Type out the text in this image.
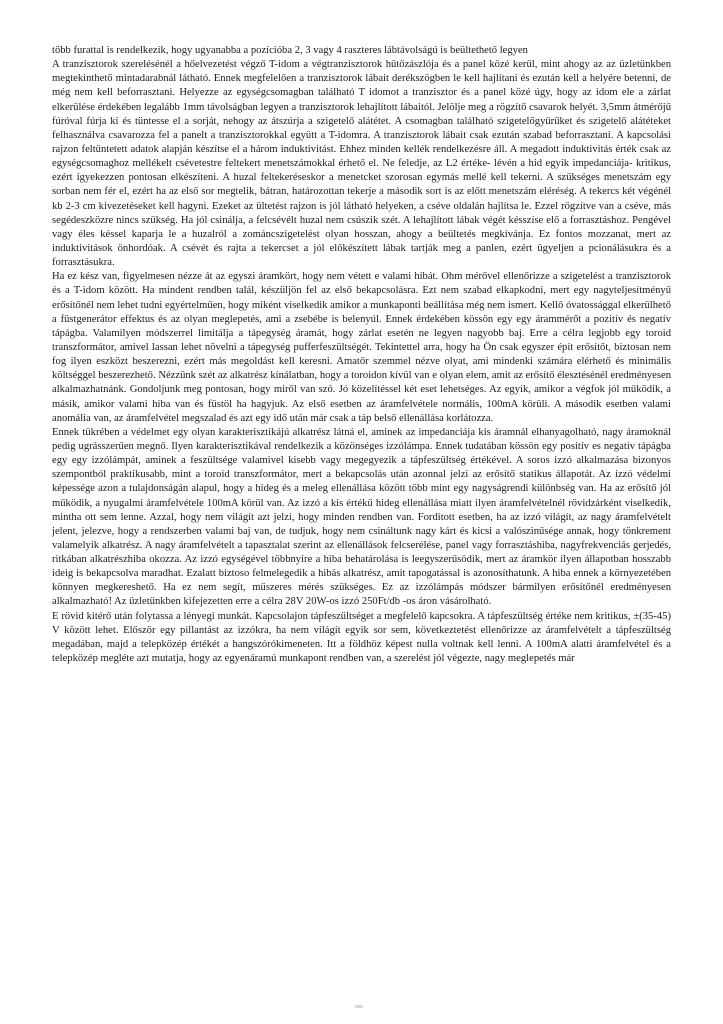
több furattal is rendelkezik, hogy ugyanabba a pozícióba 2, 3 vagy 4 raszteres lábtávolságú is beültethető legyen

A tranzisztorok szerelésénél a hőelvezetést végző T-idom a végtranzisztorok hűtőzászlója és a panel közé kerül, mint ahogy az az üzletünkben megtekinthető mintadarabnál látható. Ennek megfelelően a tranzisztorok lábait derékszögben le kell hajlítani és ezután kell a helyére betenni, de még nem kell beforrasztani. Helyezze az egységcsomagban található T idomot a tranzisztor és a panel közé úgy, hogy az idom ele a zárlat elkerülése érdekében legalább 1mm távolságban legyen a tranzisztorok lehajlított lábaitól. Jelölje meg a rögzítő csavarok helyét. 3,5mm átmérőjű fúróval fúrja ki és tüntesse el a sorját, nehogy az átszúrja a szigetelő alátétet. A csomagban található szigetelőgyűrűket és szigetelő alátéteket felhasználva csavarozza fel a panelt a tranzisztorokkal együtt a T-idomra. A tranzisztorok lábait csak ezután szabad beforrasztani. A kapcsolási rajzon feltüntetett adatok alapján készítse el a három induktivitást. Ehhez minden kellék rendelkezésre áll. A megadott induktivitás érték csak az egységcsomaghoz mellékelt csévetestre feltekert menetszámokkal érhető el. Ne feledje, az L2 értéke- lévén a hid egyik impedanciája- kritikus, ezért igyekezzen pontosan elkészíteni. A huzal feltekeréseskor a menetcket szorosan egymás mellé kell tekerni. A szükséges menetszám egy sorban nem fér el, ezért ha az első sor megtelik, bátran, határozottan tekerje a második sort is az előtt menetszám eléréség. A tekercs két végénél kb 2-3 cm kivezetéseket kell hagyni. Ezeket az ültetést rajzon is jól látható helyeken, a cséve oldalán hajlítsa le. Ezzel rögzítve van a cséve, más segédeszközre nincs szükség. Ha jól csinálja, a felcsévélt huzal nem csúszik szét. A lehajlított lábak végét késszíse elő a forrasztáshoz. Pengével vagy éles késsel kaparja le a huzalról a zománcszigetelést olyan hosszan, ahogy a beültetés megkívánja. Ez fontos mozzanat, mert az induktivitások önhordóak. A csévét és rajta a tekercset a jól előkészített lábak tartják meg a panlen, ezért ügyeljen a pcionálásukra és a forrasztásukra.

Ha ez kész van, figyelmesen nézze át az egyszi áramkört, hogy nem vétett e valami hibát. Ohm mérővel ellenőrizze a szigetelést a tranzisztorok és a T-idom között. Ha mindent rendben talál, készüljön fel az első bekapcsolásra. Ezt nem szabad elkapkodni, mert egy nagyteljesítményű erősítőnél nem lehet tudni egyértelműen, hogy miként viselkedik amikor a munkaponti beállítása még nem ismert. Kellő óvatossággal elkerülhető a füstgenerátor effektus és az olyan meglepetés, ami a zsebébe is belenyúl. Ennek érdekében kössön egy egy árammérőt a pozitív és negatív tápágba. Valamilyen módszerrel limitálja a tápegység áramát, hogy zárlat esetén ne legyen nagyobb baj. Erre a célra legjobb egy toroid transzformátor, amivel lassan lehet növelni a tápegység pufferfeszültségét. Tekintettel arra, hogy ha Ön csak egyszer épít erősítőt, biztosan nem fog ilyen eszközt beszerezni, ezért más megoldást kell keresni. Amatőr szemmel nézve olyat, ami mindenki számára elérhető és minimális költséggel beszerezhető. Nézzünk szét az alkatrész kínálatban, hogy a toroidon kívül van e olyan elem, amit az erősítő élesztésénél eredményesen alkalmazhatnánk. Gondoljunk meg pontosan, hogy miről van szó. Jó közelítéssel két eset lehetséges. Az egyik, amikor a végfok jól működik, a másik, amikor valami hiba van és füstöl ha hagyjuk. Az első esetben az áramfelvétele normális, 100mA körüli. A második esetben valami anomália van, az áramfelvétel megszalad és azt egy idő után már csak a táp belső ellenállása korlátozza.

Ennek tükrében a védelmet egy olyan karakterisztikájú alkatrész látná el, aminek az impedanciája kis áramnál elhanyagolható, nagy áramoknál pedig ugrásszerűen megnő. Ilyen karakterisztikával rendelkezik a közönséges izzólámpa. Ennek tudatában kössön egy positív es negatív tápágba egy egy izzólámpát, aminek a feszültsége valamivel kisebb vagy megegyezik a tápfeszültség értékével. A soros izzó alkalmazása bizonyos szempontból praktikusabb, mint a toroid transzformátor, mert a bekapcsolás után azonnal jelzi az erősítő statikus állapotát. Az izzó védelmi képessége azon a tulajdonságán alapul, hogy a hideg és a meleg ellenállása között több mint egy nagyságrendi különbség van. Ha az erősítő jól működik, a nyugalmi áramfelvétele 100mA körül van. Az izzó a kis értékű hideg ellenállása miatt ilyen áramfelvételnél rövidzárként viselkedik, mintha ott sem lenne. Azzal, hogy nem világít azt jelzi, hogy minden rendben van. Forditott esetben, ha az izzó világít, az nagy áramfelvételt jelent, jelezve, hogy a rendszerben valami baj van, de tudjuk, hogy nem csináltunk nagy kárt és kicsi a valószinűsége annak, hogy tönkrement valamelyik alkatrész. A nagy áramfelvételt a tapasztalat szerint az ellenállások felcserélése, panel vagy forrasztáshiba, nagyfrekvenciás gerjedés, ritkában alkatrészhiba okozza. Az izzó egységével többnyire a hiba behatárolása is leegyszerűsödik, mert az áramkör ilyen állapotban hosszabb ideig is bekapcsolva maradhat. Ezalatt biztoso felmelegedik a hibás alkatrész, amit tapogatással is azonosíthatunk. A hiba ennek a környezetében könnyen megkereshető. Ha ez nem segít, műszeres mérés szükséges. Ez az izzólámpás módszer bármilyen erősítőnél eredményesen alkalmazható! Az üzletünkben kifejezetten erre a célra 28V 20W-os izzó 250Ft/db -os áron vásárolható.

E rövid kitérő után folytassa a lényegi munkát. Kapcsolajon tápfeszültséget a megfelelő kapcsokra. A tápfeszültség értéke nem kritikus, ±(35-45) V között lehet. Először egy pillantást az izzókra, ha nem világít egyik sor sem, következtetést ellenőrizze az áramfelvételt a tápfeszültség megadában, majd a telepközép értékét a hangszórókimeneten. Itt a földhöz képest nulla voltnak kell lenni. A 100mA alatti áramfelvétel és a telepközép megléte azt mutatja, hogy az egyenáramú munkapont rendben van, a szerelést jól végezte, nagy meglepetés már
